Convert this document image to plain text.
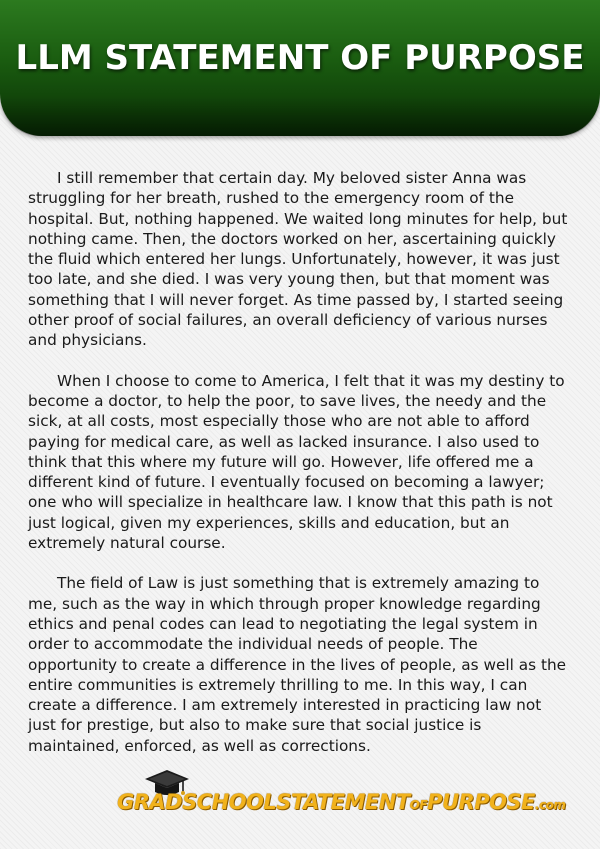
LLM STATEMENT OF PURPOSE

I still remember that certain day. My beloved sister Anna was struggling for her breath, rushed to the emergency room of the hospital. But, nothing happened. We waited long minutes for help, but nothing came. Then, the doctors worked on her, ascertaining quickly the fluid which entered her lungs. Unfortunately, however, it was just too late, and she died. I was very young then, but that moment was something that I will never forget. As time passed by, I started seeing other proof of social failures, an overall deficiency of various nurses and physicians.

When I choose to come to America, I felt that it was my destiny to become a doctor, to help the poor, to save lives, the needy and the sick, at all costs, most especially those who are not able to afford paying for medical care, as well as lacked insurance. I also used to think that this where my future will go. However, life offered me a different kind of future. I eventually focused on becoming a lawyer; one who will specialize in healthcare law. I know that this path is not just logical, given my experiences, skills and education, but an extremely natural course.

The field of Law is just something that is extremely amazing to me, such as the way in which through proper knowledge regarding ethics and penal codes can lead to negotiating the legal system in order to accommodate the individual needs of people. The opportunity to create a difference in the lives of people, as well as the entire communities is extremely thrilling to me. In this way, I can create a difference. I am extremely interested in practicing law not just for prestige, but also to make sure that social justice is maintained, enforced, as well as corrections.

GRADSCHOOLSTATEMENTOFPURPOSE.com
